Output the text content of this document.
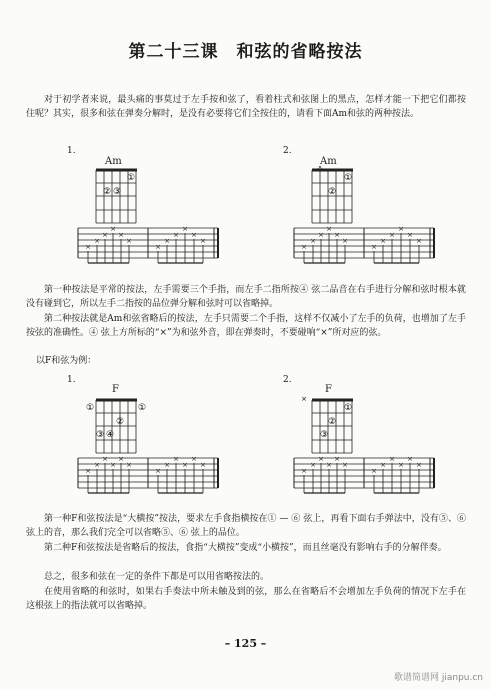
第二十三课　和弦的省略按法

对于初学者来说，最头痛的事莫过于左手按和弦了，看着柱式和弦图上的黑点，怎样才能一下把它们都按住呢？其实，很多和弦在弹奏分解时，是没有必要将它们全按住的，请看下面Am和弦的两种按法。

1.
Am
①
② ③
×
×
×
×
×
×
×
×
×
×
×
×
2.
Am
×
①
②
×
×
×
×
×
×
×
×
×
×
×
×

第一种按法是平常的按法，左手需要三个手指，而左手二指所按④ 弦二品音在右手进行分解和弦时根本就没有碰到它，所以左手二指按的品位弹分解和弦时可以省略掉。

第二种按法就是Am和弦省略后的按法，左手只需要二个手指，这样不仅减小了左手的负荷，也增加了左手按弦的准确性。④ 弦上方所标的“×”为和弦外音，即在弹奏时，不要碰响“×”所对应的弦。

以F和弦为例：

1.
F
①	①
②
③ ④
×
×
×
×
×
×
×
×
×
×
×
×
2.
F
×
①
②
③
×
×
×
×
×
×
×
×
×
×
×
×

第一种F和弦按法是“大横按”按法，要求左手食指横按在① — ⑥ 弦上，再看下面右手弹法中，没有⑤、⑥ 弦上的音，那么我们完全可以省略⑤、⑥ 弦上的品位。

第二种F和弦按法是省略后的按法，食指“大横按”变成“小横按”，而且丝毫没有影响右手的分解伴奏。

总之，很多和弦在一定的条件下都是可以用省略按法的。

在使用省略的和弦时，如果右手奏法中所未触及到的弦，那么在省略后不会增加左手负荷的情况下左手在这根弦上的指法就可以省略掉。

– 125 –
歌谱简谱网 jianpu.cn
